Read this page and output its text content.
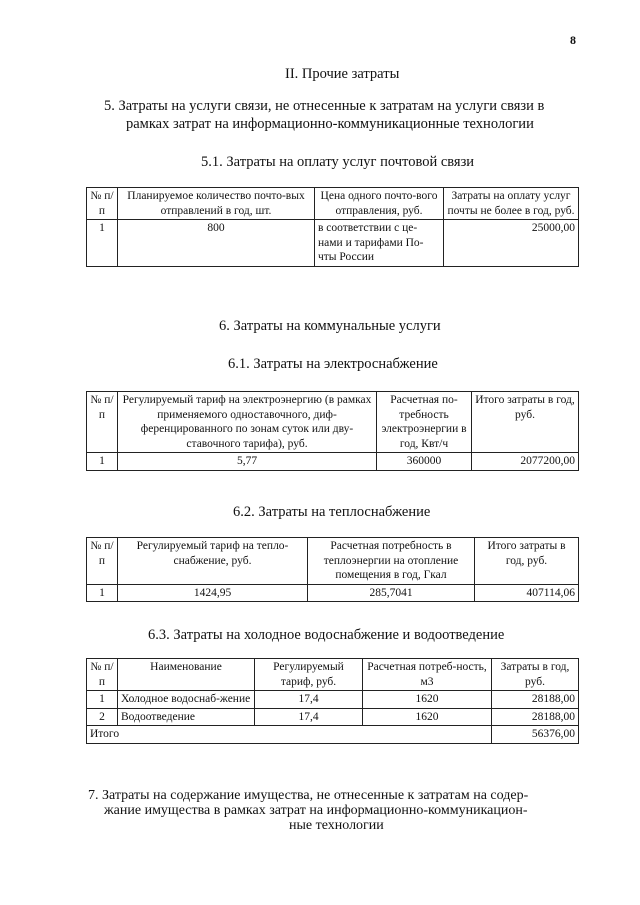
8
II. Прочие затраты
5. Затраты на услуги связи, не отнесенные к затратам на услуги связи в
рамках затрат на информационно-коммуникационные технологии
5.1. Затраты на оплату услуг почтовой связи
№ п/п	Планируемое количество почто-вых отправлений в год, шт.	Цена одного почто-вого отправления, руб.	Затраты на оплату услуг почты не более в год, руб.
1	800	в соответствии с це-нами и тарифами По-чты России	25000,00
6. Затраты на коммунальные услуги
6.1. Затраты на электроснабжение
№ п/п	Регулируемый тариф на электроэнергию (в рамках применяемого одноставочного, диф-ференцированного по зонам суток или дву-ставочного тарифа), руб.	Расчетная по-требность электроэнергии в год, Квт/ч	Итого затраты в год, руб.
1	5,77	360000	2077200,00
6.2. Затраты на теплоснабжение
№ п/п	Регулируемый тариф на тепло-снабжение, руб.	Расчетная потребность в теплоэнергии на отопление помещения в год, Гкал	Итого затраты в год, руб.
1	1424,95	285,7041	407114,06
6.3. Затраты на холодное водоснабжение и водоотведение
№ п/п	Наименование	Регулируемый тариф, руб.	Расчетная потреб-ность, м3	Затраты в год, руб.
1	Холодное водоснаб-жение	17,4	1620	28188,00
2	Водоотведение	17,4	1620	28188,00
Итого				56376,00
7. Затраты на содержание имущества, не отнесенные к затратам на содер-
жание имущества в рамках затрат на информационно-коммуникацион-
ные технологии
